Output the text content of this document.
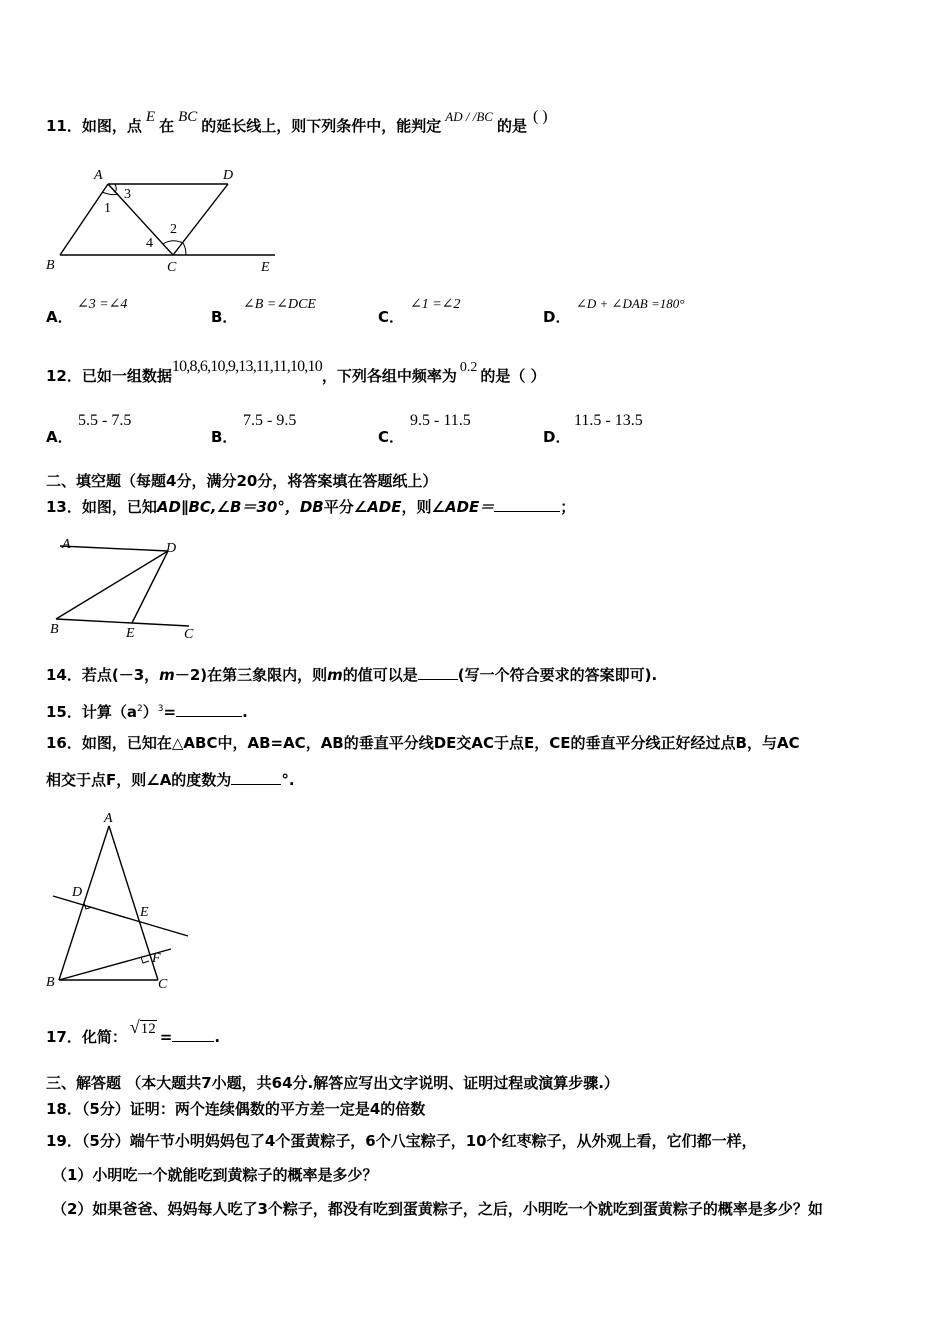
11．如图，点 E 在 BC 的延长线上，则下列条件中，能判定AD / /BC的是( )
A	D
B	C	E
1
2
3
4
A．
∠3 =∠4
B．
∠B =∠DCE
C．
∠1 =∠2
D．
∠D + ∠DAB =180°
12．已如一组数据10,8,6,10,9,13,11,11,10,10，下列各组中频率为 0.2 的是（ ）
A．
5.5 - 7.5
B．
7.5 - 9.5
C．
9.5 - 11.5
D．
11.5 - 13.5
二、填空题（每题4分，满分20分，将答案填在答题纸上）
13．如图，已知AD∥BC,∠B＝30°，DB平分∠ADE，则∠ADE＝	；
A	D
B	E	C
14．若点(－3，m－2)在第三象限内，则m的值可以是	(写一个符合要求的答案即可).
15．计算$(a^2)^3=$	.
16．如图，已知在△ABC中，AB=AC，AB的垂直平分线DE交AC于点E，CE的垂直平分线正好经过点B，与AC
相交于点F，则∠A的度数为	°.
A
D
E
F
B	C
17．化简： √12 =	.
三、解答题 （本大题共7小题，共64分.解答应写出文字说明、证明过程或演算步骤.）
18．（5分）证明：两个连续偶数的平方差一定是4的倍数
19．（5分）端午节小明妈妈包了4个蛋黄粽子，6个八宝粽子，10个红枣粽子，从外观上看，它们都一样，
（1）小明吃一个就能吃到黄粽子的概率是多少？
（2）如果爸爸、妈妈每人吃了3个粽子，都没有吃到蛋黄粽子，之后，小明吃一个就吃到蛋黄粽子的概率是多少？如
